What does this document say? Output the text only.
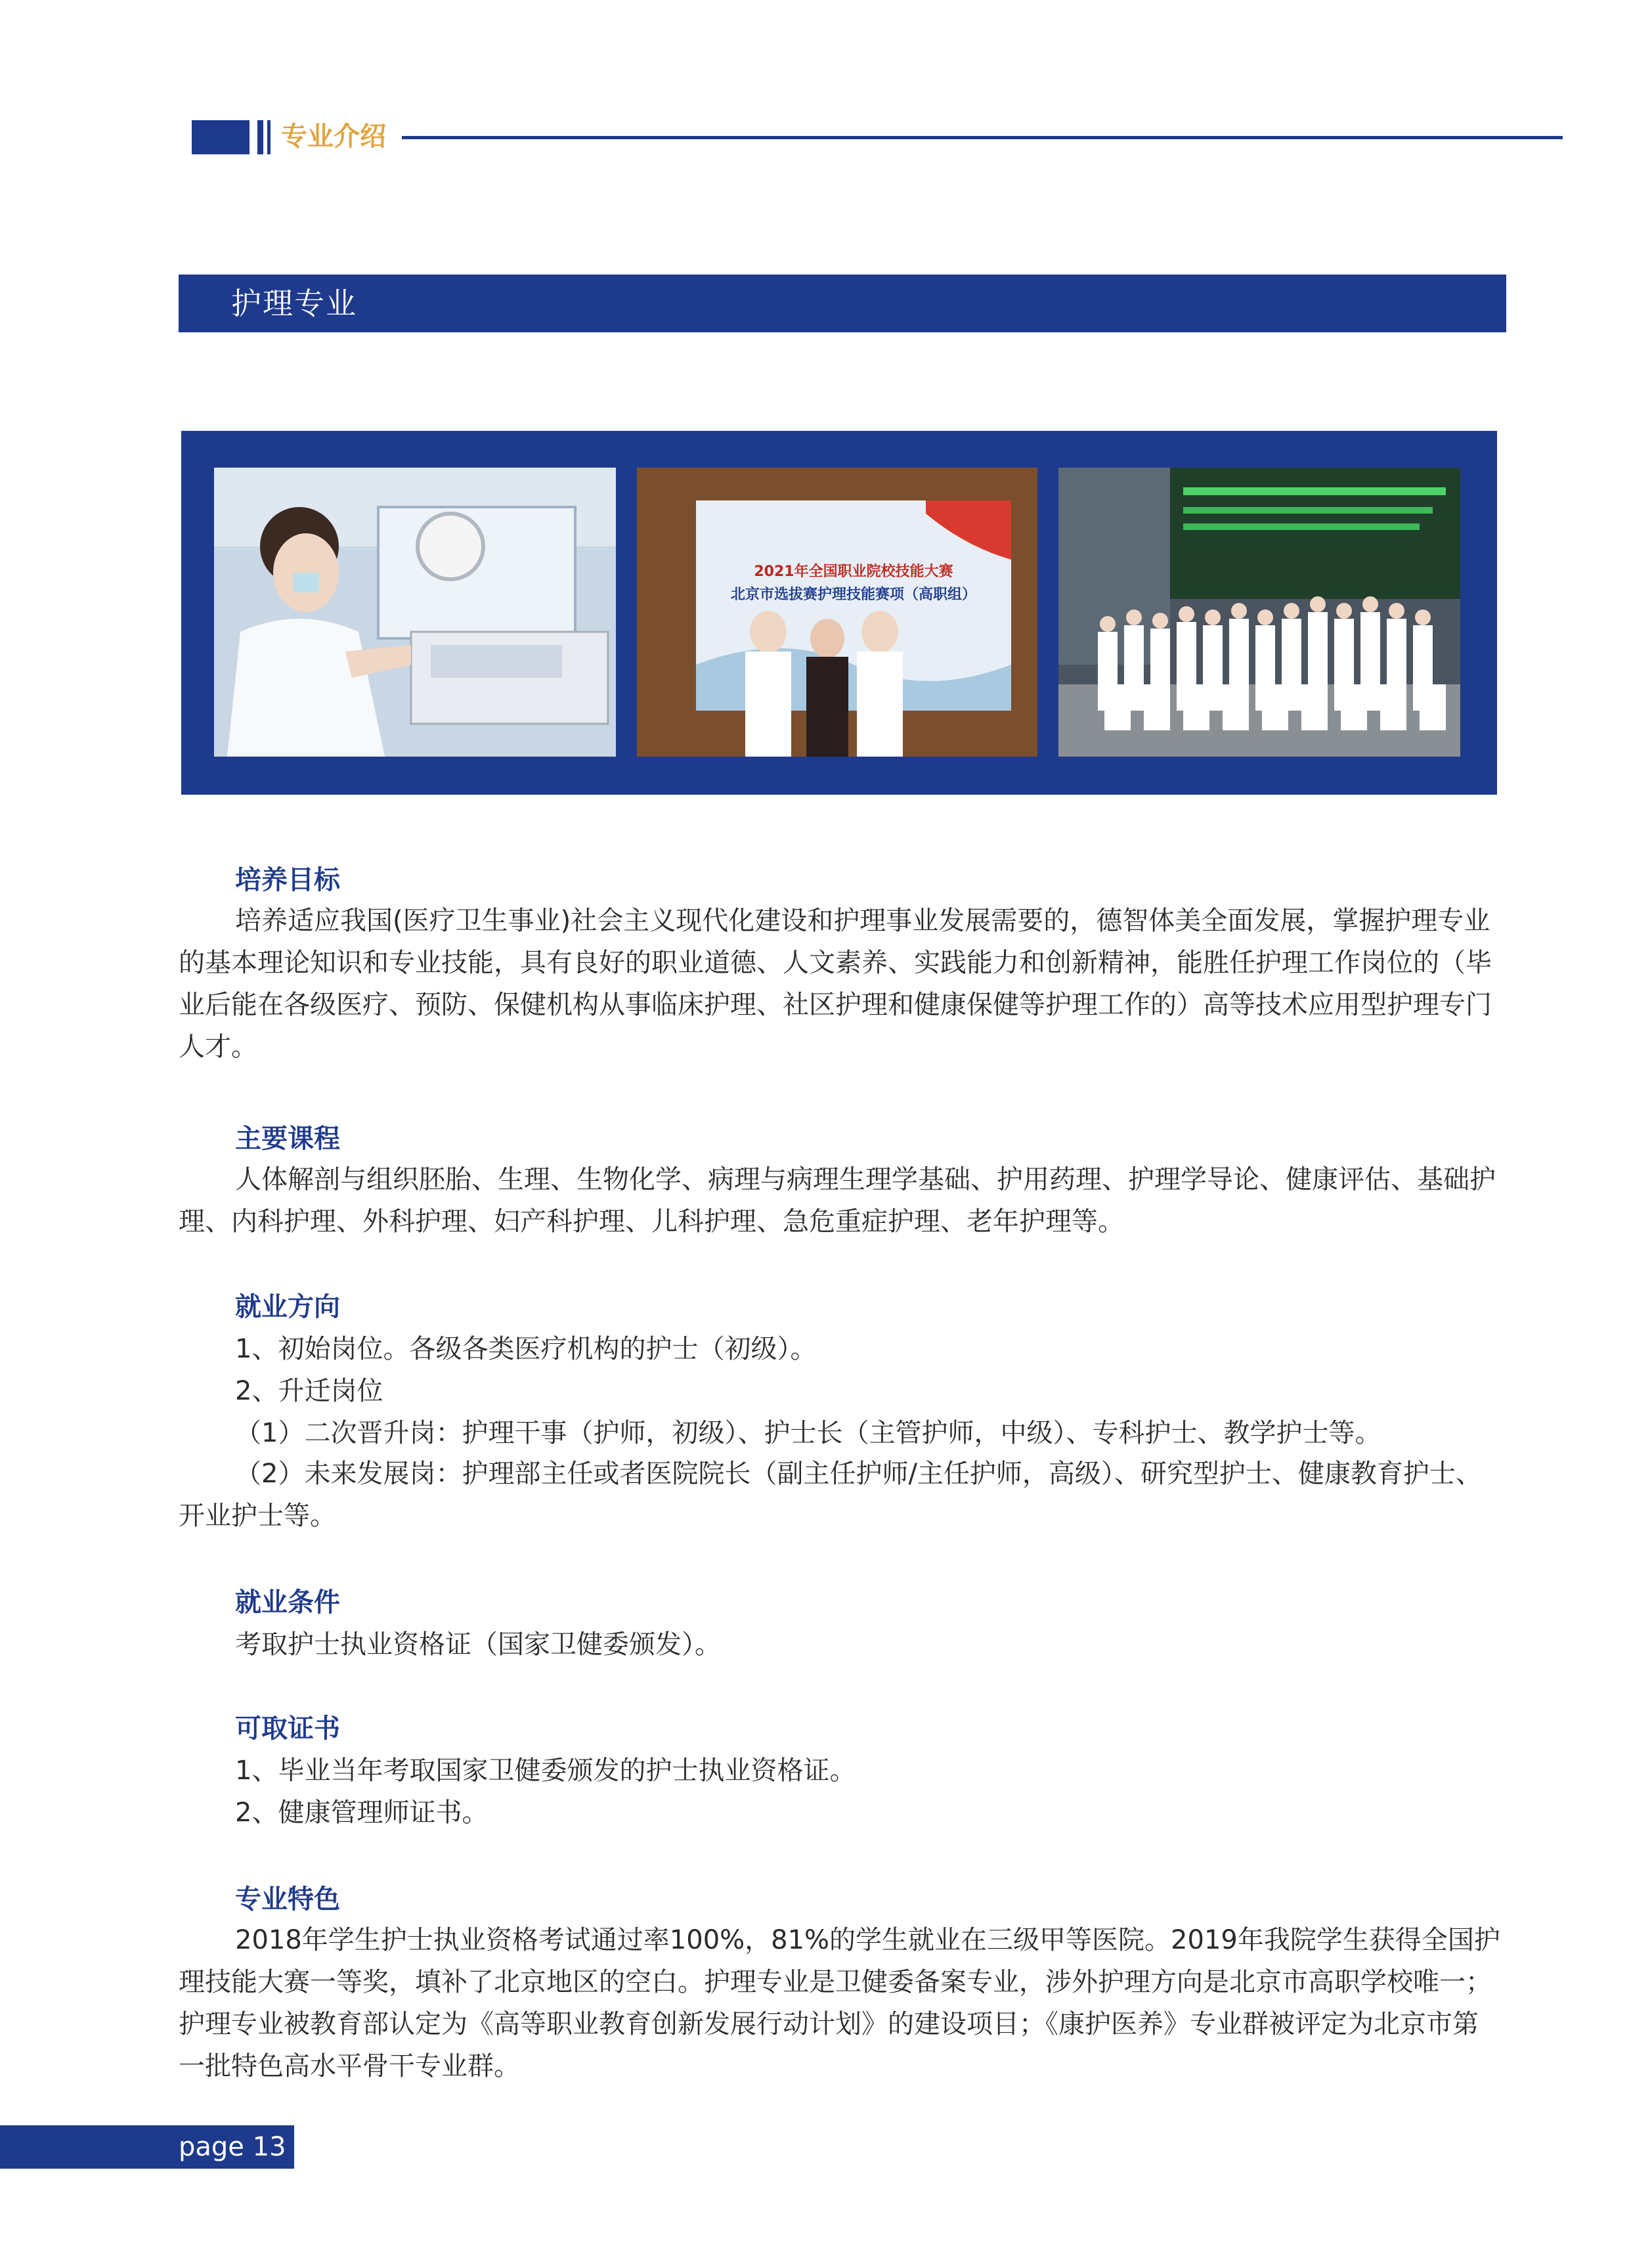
专业介绍
护理专业
2021年全国职业院校技能大赛
北京市选拔赛护理技能赛项（高职组）
培养目标
培养适应我国(医疗卫生事业)社会主义现代化建设和护理事业发展需要的，德智体美全面发展，掌握护理专业的基本理论知识和专业技能，具有良好的职业道德、人文素养、实践能力和创新精神，能胜任护理工作岗位的（毕业后能在各级医疗、预防、保健机构从事临床护理、社区护理和健康保健等护理工作的）高等技术应用型护理专门人才。
主要课程
人体解剖与组织胚胎、生理、生物化学、病理与病理生理学基础、护用药理、护理学导论、健康评估、基础护理、内科护理、外科护理、妇产科护理、儿科护理、急危重症护理、老年护理等。
就业方向
1、初始岗位。各级各类医疗机构的护士（初级）。
2、升迁岗位
（1）二次晋升岗：护理干事（护师，初级）、护士长（主管护师，中级）、专科护士、教学护士等。
（2）未来发展岗：护理部主任或者医院院长（副主任护师/主任护师，高级）、研究型护士、健康教育护士、开业护士等。
就业条件
考取护士执业资格证（国家卫健委颁发）。
可取证书
1、毕业当年考取国家卫健委颁发的护士执业资格证。
2、健康管理师证书。
专业特色
2018年学生护士执业资格考试通过率100%，81%的学生就业在三级甲等医院。2019年我院学生获得全国护理技能大赛一等奖，填补了北京地区的空白。护理专业是卫健委备案专业，涉外护理方向是北京市高职学校唯一；护理专业被教育部认定为《高等职业教育创新发展行动计划》的建设项目；《康护医养》专业群被评定为北京市第一批特色高水平骨干专业群。
page 13
